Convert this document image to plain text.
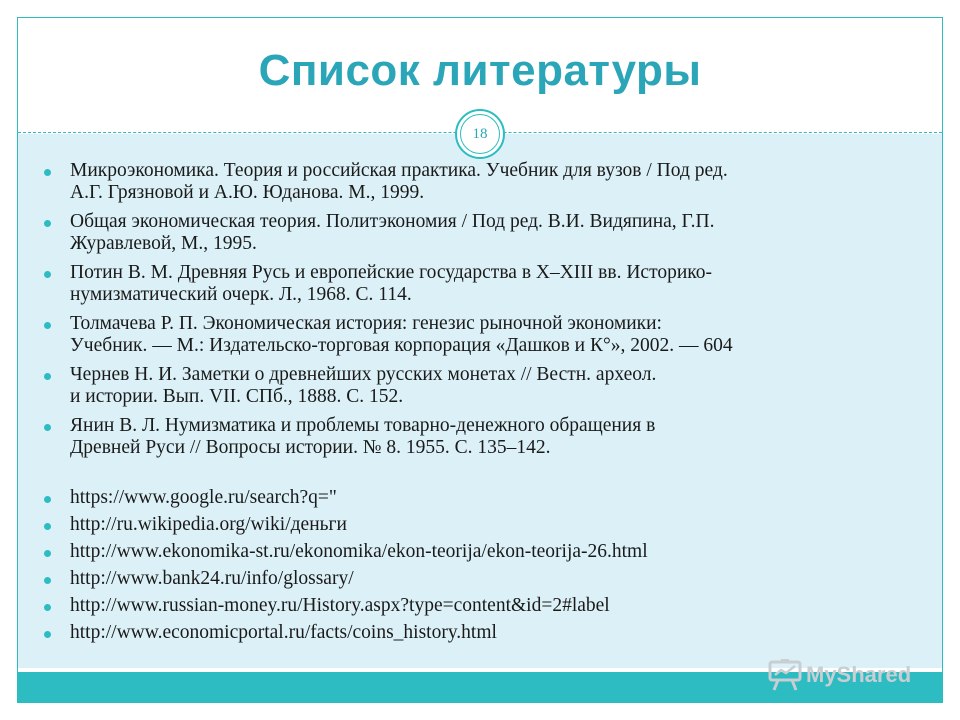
Список литературы
18
Микроэкономика. Теория и российская практика. Учебник для вузов / Под ред.
А.Г. Грязновой и А.Ю. Юданова. М., 1999.
Общая экономическая теория. Политэкономия / Под ред. В.И. Видяпина, Г.П.
Журавлевой, М., 1995.
Потин В. М. Древняя Русь и европейские государства в X–XIII вв. Историко-
нумизматический очерк. Л., 1968. С. 114.
Толмачева Р. П. Экономическая история: генезис рыночной экономики:
Учебник. — М.: Издательско-торговая корпорация «Дашков и К°», 2002. — 604
Чернев Н. И. Заметки о древнейших русских монетах // Вестн. археол.
и истории. Вып. VII. СПб., 1888. С. 152.
Янин В. Л. Нумизматика и проблемы товарно-денежного обращения в
Древней Руси // Вопросы истории. № 8. 1955. С. 135–142.
https://www.google.ru/search?q="
http://ru.wikipedia.org/wiki/деньги
http://www.ekonomika-st.ru/ekonomika/ekon-teorija/ekon-teorija-26.html
http://www.bank24.ru/info/glossary/
http://www.russian-money.ru/History.aspx?type=content&id=2#label
http://www.economicportal.ru/facts/coins_history.html
MyShared
